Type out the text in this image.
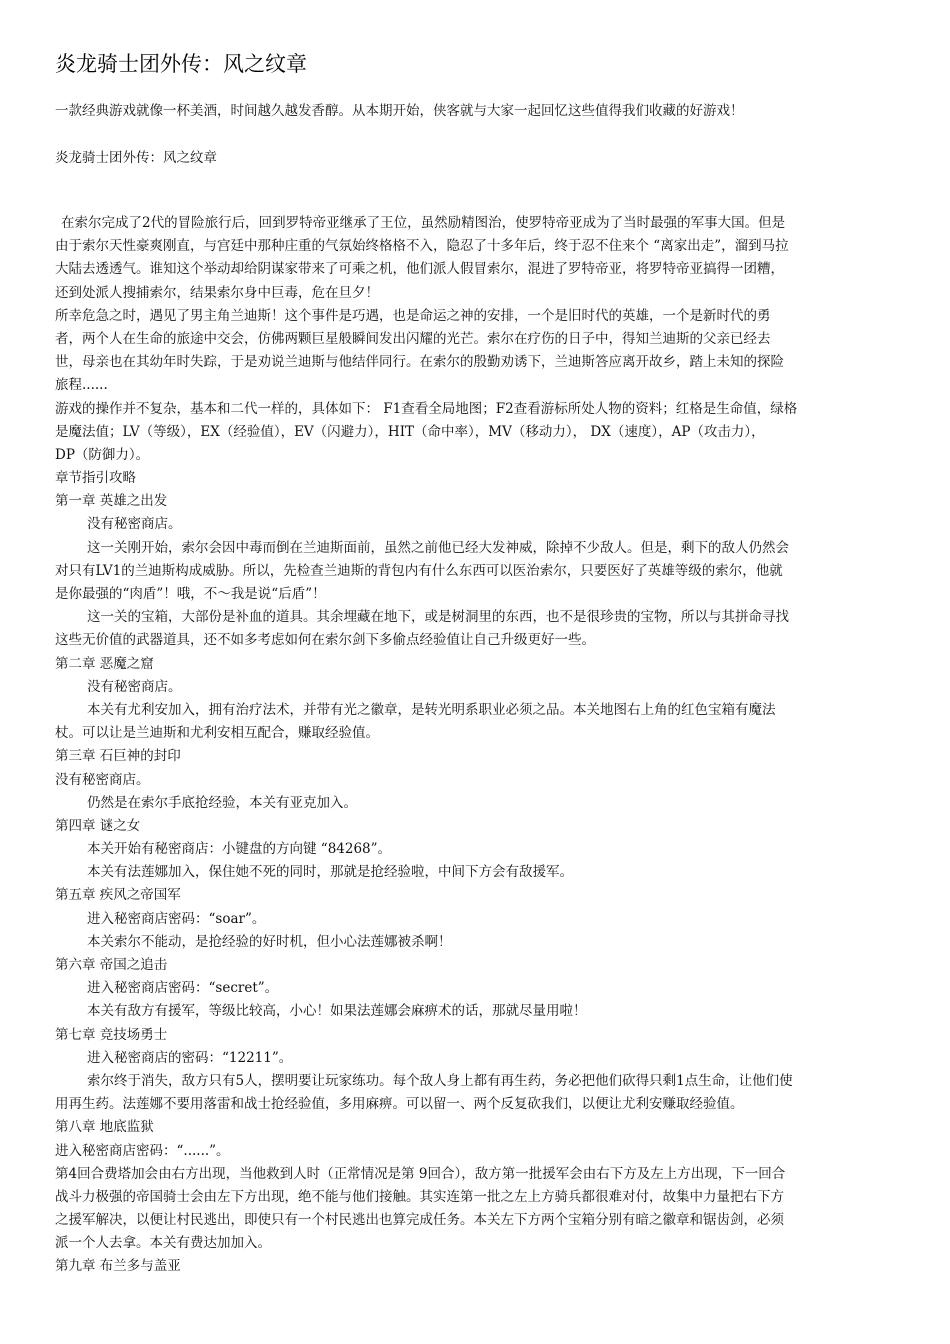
炎龙骑士团外传：风之纹章

一款经典游戏就像一杯美酒，时间越久越发香醇。从本期开始，侠客就与大家一起回忆这些值得我们收藏的好游戏！

炎龙骑士团外传：风之纹章

在索尔完成了2代的冒险旅行后，回到罗特帝亚继承了王位，虽然励精图治，使罗特帝亚成为了当时最强的军事大国。但是
由于索尔天性豪爽刚直，与宫廷中那种庄重的气氛始终格格不入，隐忍了十多年后，终于忍不住来个 “离家出走”，溜到马拉
大陆去透透气。谁知这个举动却给阴谋家带来了可乘之机，他们派人假冒索尔，混进了罗特帝亚，将罗特帝亚搞得一团糟，
还到处派人搜捕索尔，结果索尔身中巨毒，危在旦夕！
所幸危急之时，遇见了男主角兰迪斯！这个事件是巧遇，也是命运之神的安排，一个是旧时代的英雄，一个是新时代的勇
者，两个人在生命的旅途中交会，仿佛两颗巨星般瞬间发出闪耀的光芒。索尔在疗伤的日子中，得知兰迪斯的父亲已经去
世，母亲也在其幼年时失踪，于是劝说兰迪斯与他结伴同行。在索尔的殷勤劝诱下，兰迪斯答应离开故乡，踏上未知的探险
旅程......
游戏的操作并不复杂，基本和二代一样的，具体如下： F1查看全局地图；F2查看游标所处人物的资料；红格是生命值，绿格
是魔法值；LV（等级），EX（经验值），EV（闪避力），HIT（命中率），MV（移动力）， DX（速度），AP（攻击力），
DP（防御力）。
章节指引攻略
第一章 英雄之出发
没有秘密商店。
这一关刚开始，索尔会因中毒而倒在兰迪斯面前，虽然之前他已经大发神威，除掉不少敌人。但是，剩下的敌人仍然会
对只有LV1的兰迪斯构成威胁。所以，先检查兰迪斯的背包内有什么东西可以医治索尔，只要医好了英雄等级的索尔，他就
是你最强的“肉盾”！哦，不～我是说“后盾”！
这一关的宝箱，大部份是补血的道具。其余埋藏在地下，或是树洞里的东西，也不是很珍贵的宝物，所以与其拼命寻找
这些无价值的武器道具，还不如多考虑如何在索尔剑下多偷点经验值让自己升级更好一些。
第二章 恶魔之窟
没有秘密商店。
本关有尤利安加入，拥有治疗法术，并带有光之徽章，是转光明系职业必须之品。本关地图右上角的红色宝箱有魔法
杖。可以让是兰迪斯和尤利安相互配合，赚取经验值。
第三章 石巨神的封印
没有秘密商店。
仍然是在索尔手底抢经验，本关有亚克加入。
第四章 谜之女
本关开始有秘密商店：小键盘的方向键 “84268”。
本关有法莲娜加入，保住她不死的同时，那就是抢经验啦，中间下方会有敌援军。
第五章 疾风之帝国军
进入秘密商店密码：“soar”。
本关索尔不能动，是抢经验的好时机，但小心法莲娜被杀啊！
第六章 帝国之追击
进入秘密商店密码：“secret”。
本关有敌方有援军，等级比较高，小心！如果法莲娜会麻痹术的话，那就尽量用啦！
第七章 竞技场勇士
进入秘密商店的密码：“12211”。
索尔终于消失，敌方只有5人，摆明要让玩家练功。每个敌人身上都有再生药，务必把他们砍得只剩1点生命，让他们使
用再生药。法莲娜不要用落雷和战士抢经验值，多用麻痹。可以留一、两个反复砍我们，以便让尤利安赚取经验值。
第八章 地底监狱
进入秘密商店密码：“......”。
第4回合费塔加会由右方出现，当他救到人时（正常情况是第 9回合），敌方第一批援军会由右下方及左上方出现，下一回合
战斗力极强的帝国骑士会由左下方出现，绝不能与他们接触。其实连第一批之左上方骑兵都很难对付，故集中力量把右下方
之援军解决，以便让村民逃出，即使只有一个村民逃出也算完成任务。本关左下方两个宝箱分别有暗之徽章和锯齿剑，必须
派一个人去拿。本关有费达加加入。
第九章 布兰多与盖亚
